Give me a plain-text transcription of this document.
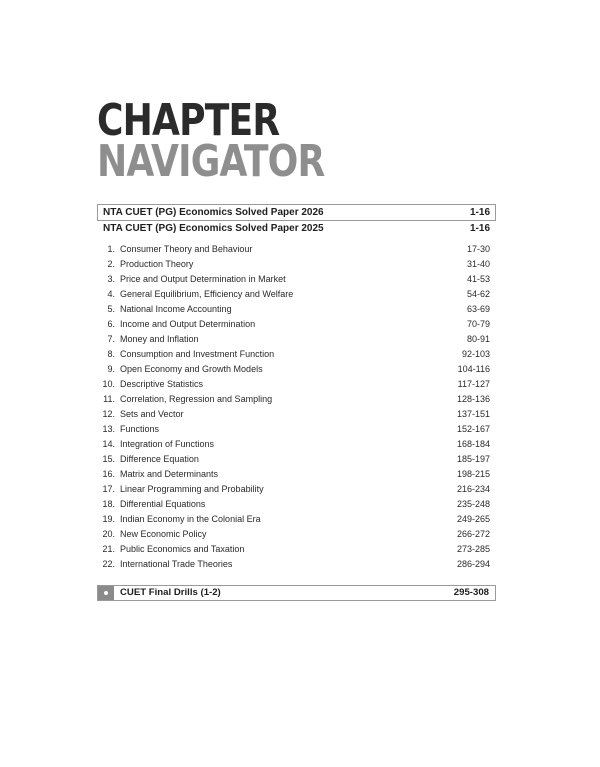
CHAPTER
NAVIGATOR
NTA CUET (PG) Economics Solved Paper 2026	1-16
NTA CUET (PG) Economics Solved Paper 2025	1-16
1. Consumer Theory and Behaviour	17-30
2. Production Theory	31-40
3. Price and Output Determination in Market	41-53
4. General Equilibrium, Efficiency and Welfare	54-62
5. National Income Accounting	63-69
6. Income and Output Determination	70-79
7. Money and Inflation	80-91
8. Consumption and Investment Function	92-103
9. Open Economy and Growth Models	104-116
10. Descriptive Statistics	117-127
11. Correlation, Regression and Sampling	128-136
12. Sets and Vector	137-151
13. Functions	152-167
14. Integration of Functions	168-184
15. Difference Equation	185-197
16. Matrix and Determinants	198-215
17. Linear Programming and Probability	216-234
18. Differential Equations	235-248
19. Indian Economy in the Colonial Era	249-265
20. New Economic Policy	266-272
21. Public Economics and Taxation	273-285
22. International Trade Theories	286-294
CUET Final Drills (1-2)	295-308
